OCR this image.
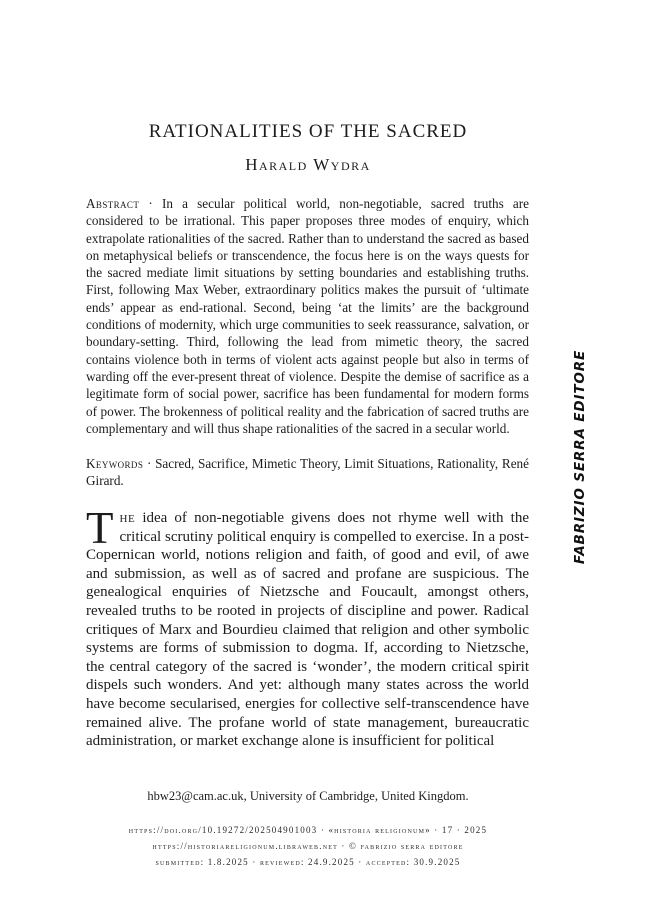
RATIONALITIES OF THE SACRED
Harald Wydra
Abstract · In a secular political world, non-negotiable, sacred truths are considered to be irrational. This paper proposes three modes of enquiry, which extrapolate rationalities of the sacred. Rather than to understand the sacred as based on metaphysical beliefs or transcendence, the focus here is on the ways quests for the sacred mediate limit situations by setting boundaries and establishing truths. First, following Max Weber, extraordinary politics makes the pursuit of ‘ultimate ends’ appear as end-rational. Second, being ‘at the limits’ are the background conditions of modernity, which urge communities to seek reassurance, salvation, or boundary-setting. Third, following the lead from mimetic theory, the sacred contains violence both in terms of violent acts against people but also in terms of warding off the ever-present threat of violence. Despite the demise of sacrifice as a legitimate form of social power, sacrifice has been fundamental for modern forms of power. The brokenness of political reality and the fabrication of sacred truths are complementary and will thus shape rationalities of the sacred in a secular world.
Keywords · Sacred, Sacrifice, Mimetic Theory, Limit Situations, Rationality, René Girard.
The idea of non-negotiable givens does not rhyme well with the critical scrutiny political enquiry is compelled to exercise. In a post-Copernican world, notions religion and faith, of good and evil, of awe and submission, as well as of sacred and profane are suspicious. The genealogical enquiries of Nietzsche and Foucault, amongst others, revealed truths to be rooted in projects of discipline and power. Radical critiques of Marx and Bourdieu claimed that religion and other symbolic systems are forms of submission to dogma. If, according to Nietzsche, the central category of the sacred is ‘wonder’, the modern critical spirit dispels such wonders. And yet: although many states across the world have become secularised, energies for collective self-transcendence have remained alive. The profane world of state management, bureaucratic administration, or market exchange alone is insufficient for political
hbw23@cam.ac.uk, University of Cambridge, United Kingdom.
https://doi.org/10.19272/202504901003 · «historia religionum» · 17 · 2025
https://historiareligionum.libraweb.net · © fabrizio serra editore
submitted: 1.8.2025 · reviewed: 24.9.2025 · accepted: 30.9.2025
FABRIZIO SERRA EDITORE
